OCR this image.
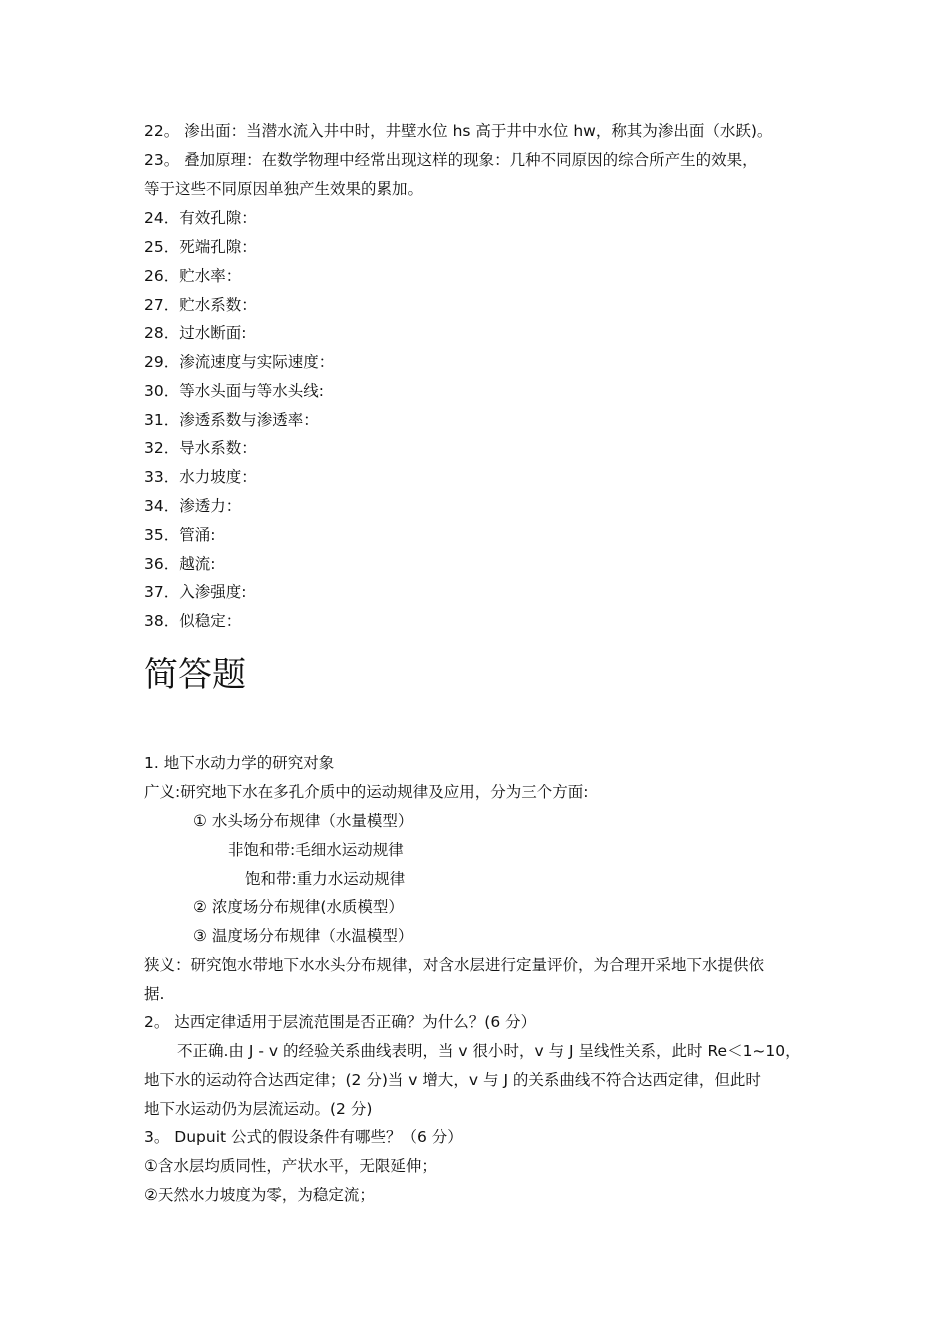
22。 渗出面：当潜水流入井中时，井壁水位 hs 高于井中水位 hw，称其为渗出面（水跃)。
23。 叠加原理：在数学物理中经常出现这样的现象：几种不同原因的综合所产生的效果，
等于这些不同原因单独产生效果的累加。
24．有效孔隙：
25．死端孔隙：
26．贮水率：
27．贮水系数：
28．过水断面:
29．渗流速度与实际速度：
30．等水头面与等水头线:
31．渗透系数与渗透率：
32．导水系数：
33．水力坡度：
34．渗透力：
35．管涌:
36．越流:
37．入渗强度:
38．似稳定：
简答题
1. 地下水动力学的研究对象
广义:研究地下水在多孔介质中的运动规律及应用，分为三个方面:
① 水头场分布规律（水量模型）
非饱和带:毛细水运动规律
饱和带:重力水运动规律
② 浓度场分布规律(水质模型）
③ 温度场分布规律（水温模型）
狭义：研究饱水带地下水水头分布规律，对含水层进行定量评价，为合理开采地下水提供依
据.
2。 达西定律适用于层流范围是否正确？为什么？(6 分）
不正确.由 J - v 的经验关系曲线表明，当 v 很小时，v 与 J 呈线性关系，此时 Re＜1~10，
地下水的运动符合达西定律；(2 分)当 v 增大，v 与 J 的关系曲线不符合达西定律，但此时
地下水运动仍为层流运动。(2 分)
3。 Dupuit 公式的假设条件有哪些？（6 分）
①含水层均质同性，产状水平，无限延伸；
②天然水力坡度为零，为稳定流；
